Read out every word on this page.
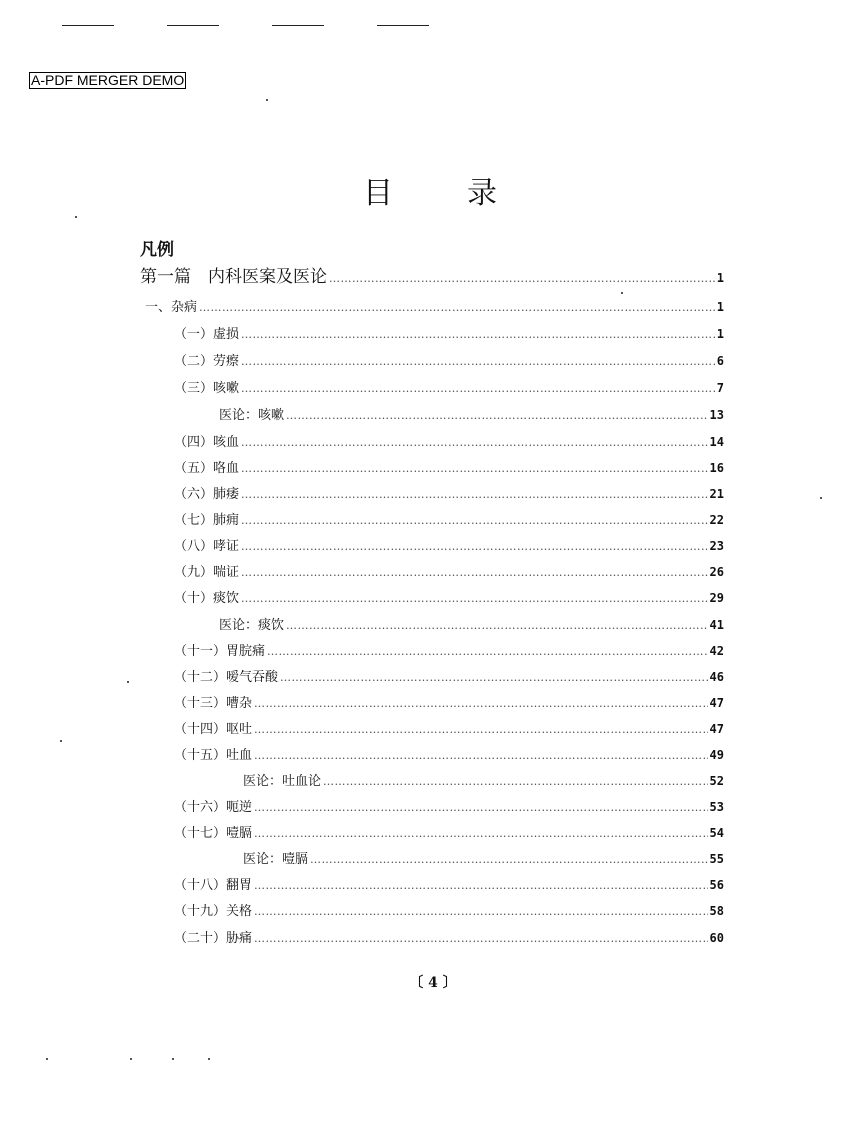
A-PDF MERGER DEMO
目 录
凡例
第一篇　内科医案及医论 …………………………………………………………………………………………………………………………………………………………………………………………………………	1
一、杂病 …………………………………………………………………………………………………………………………………………………………………………………………………………	1
（一）虚损 …………………………………………………………………………………………………………………………………………………………………………………………………………	1
（二）劳瘵 …………………………………………………………………………………………………………………………………………………………………………………………………………	6
（三）咳嗽 …………………………………………………………………………………………………………………………………………………………………………………………………………	7
医论：咳嗽 …………………………………………………………………………………………………………………………………………………………………………………………………………	13
（四）咳血 …………………………………………………………………………………………………………………………………………………………………………………………………………	14
（五）咯血 …………………………………………………………………………………………………………………………………………………………………………………………………………	16
（六）肺痿 …………………………………………………………………………………………………………………………………………………………………………………………………………	21
（七）肺痈 …………………………………………………………………………………………………………………………………………………………………………………………………………	22
（八）哮证 …………………………………………………………………………………………………………………………………………………………………………………………………………	23
（九）喘证 …………………………………………………………………………………………………………………………………………………………………………………………………………	26
（十）痰饮 …………………………………………………………………………………………………………………………………………………………………………………………………………	29
医论：痰饮 …………………………………………………………………………………………………………………………………………………………………………………………………………	41
（十一）胃脘痛 …………………………………………………………………………………………………………………………………………………………………………………………………………	42
（十二）嗳气吞酸 …………………………………………………………………………………………………………………………………………………………………………………………………………	46
（十三）嘈杂 …………………………………………………………………………………………………………………………………………………………………………………………………………	47
（十四）呕吐 …………………………………………………………………………………………………………………………………………………………………………………………………………	47
（十五）吐血 …………………………………………………………………………………………………………………………………………………………………………………………………………	49
医论：吐血论 …………………………………………………………………………………………………………………………………………………………………………………………………………	52
（十六）呃逆 …………………………………………………………………………………………………………………………………………………………………………………………………………	53
（十七）噎膈 …………………………………………………………………………………………………………………………………………………………………………………………………………	54
医论：噎膈 …………………………………………………………………………………………………………………………………………………………………………………………………………	55
（十八）翻胃 …………………………………………………………………………………………………………………………………………………………………………………………………………	56
（十九）关格 …………………………………………………………………………………………………………………………………………………………………………………………………………	58
（二十）胁痛 …………………………………………………………………………………………………………………………………………………………………………………………………………	60
〔 4 〕
